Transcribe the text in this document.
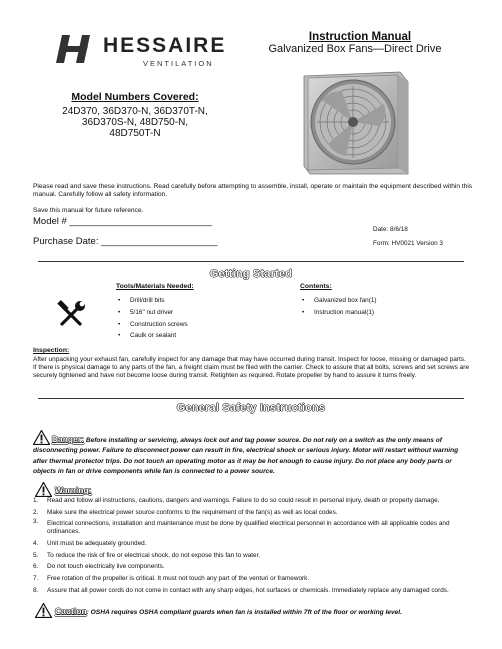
HESSAIRE
VENTILATION
Instruction Manual
Galvanized Box Fans—Direct Drive
Model Numbers Covered:
24D370, 36D370-N, 36D370T-N,
36D370S-N, 48D750-N,
48D750T-N
Please read and save these instructions. Read carefully before attempting to assemble, install, operate or maintain the equipment described within this manual. Carefully follow all safety information.
Save this manual for future reference.
Model # ___________________________
Purchase Date: ______________________
Date: 8/6/18
Form: HV0021 Version 3
Getting Started
Tools/Materials Needed:
• Drill/drill bits
• 5/16" nut driver
• Construction screws
• Caulk or sealant
Contents:
• Galvanized box fan(1)
• Instruction manual(1)
Inspection:
After unpacking your exhaust fan, carefully inspect for any damage that may have occurred during transit. Inspect for loose, missing or damaged parts. If there is physical damage to any parts of the fan, a freight claim must be filed with the carrier. Check to assure that all bolts, screws and set screws are securely tightened and have not become loose during transit. Retighten as required. Rotate propeller by hand to assure it turns freely.
General Safety Instructions
Danger: Before installing or servicing, always lock out and tag power source. Do not rely on a switch as the only means of disconnecting power. Failure to disconnect power can result in fire, electrical shock or serious injury. Motor will restart without warning after thermal protector trips. Do not touch an operating motor as it may be hot enough to cause injury. Do not place any body parts or objects in fan or drive components while fan is connected to a power source.
Warning:
1. Read and follow all instructions, cautions, dangers and warnings. Failure to do so could result in personal injury, death or property damage.
2. Make sure the electrical power source conforms to the requirement of the fan(s) as well as local codes.
3. Electrical connections, installation and maintenance must be done by qualified electrical personnel in accordance with all applicable codes and ordinances.
4. Unit must be adequately grounded.
5. To reduce the risk of fire or electrical shock, do not expose this fan to water.
6. Do not touch electrically live components.
7. Free rotation of the propeller is critical. It must not touch any part of the venturi or framework.
8. Assure that all power cords do not come in contact with any sharp edges, hot surfaces or chemicals. Immediately replace any damaged cords.
Caution: OSHA requires OSHA compliant guards when fan is installed within 7ft of the floor or working level.
